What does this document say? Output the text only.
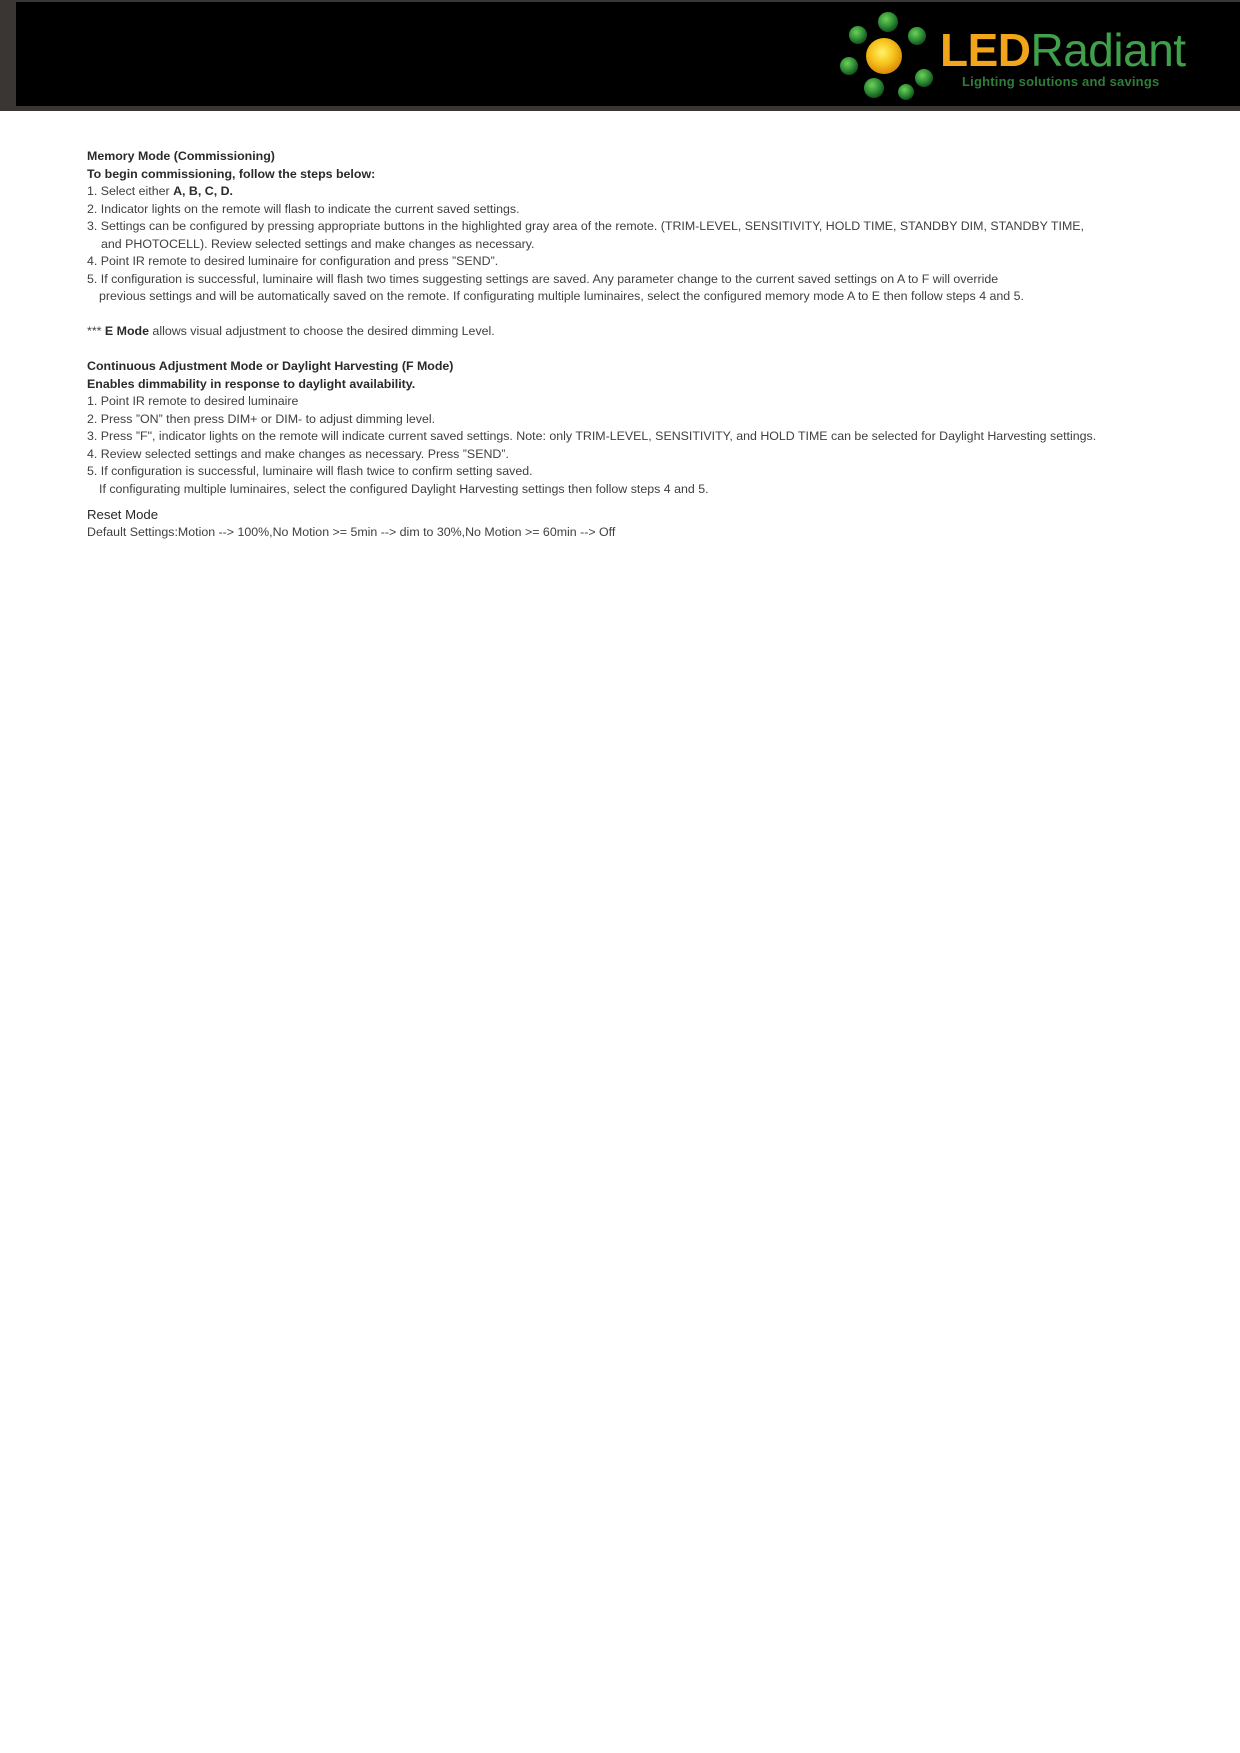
LEDRadiant
Lighting solutions and savings

Memory Mode (Commissioning)

To begin commissioning, follow the steps below:

1. Select either A, B, C, D.

2. Indicator lights on the remote will flash to indicate the current saved settings.

3. Settings can be configured by pressing appropriate buttons in the highlighted gray area of the remote. (TRIM-LEVEL, SENSITIVITY, HOLD TIME, STANDBY DIM, STANDBY TIME,

and PHOTOCELL). Review selected settings and make changes as necessary.

4. Point IR remote to desired luminaire for configuration and press ”SEND”.

5. If configuration is successful, luminaire will flash two times suggesting settings are saved. Any parameter change to the current saved settings on A to F will override

previous settings and will be automatically saved on the remote. If configurating multiple luminaires, select the configured memory mode A to E then follow steps 4 and 5.

*** E Mode allows visual adjustment to choose the desired dimming Level.

Continuous Adjustment Mode or Daylight Harvesting (F Mode)

Enables dimmability in response to daylight availability.

1. Point IR remote to desired luminaire

2. Press ”ON” then press DIM+ or DIM- to adjust dimming level.

3. Press ”F", indicator lights on the remote will indicate current saved settings. Note: only TRIM-LEVEL, SENSITIVITY, and HOLD TIME can be selected for Daylight Harvesting settings.

4. Review selected settings and make changes as necessary. Press ”SEND”.

5. If configuration is successful, luminaire will flash twice to confirm setting saved.

If configurating multiple luminaires, select the configured Daylight Harvesting settings then follow steps 4 and 5.

Reset Mode

Default Settings:Motion --> 100%,No Motion >= 5min --> dim to 30%,No Motion >= 60min --> Off
